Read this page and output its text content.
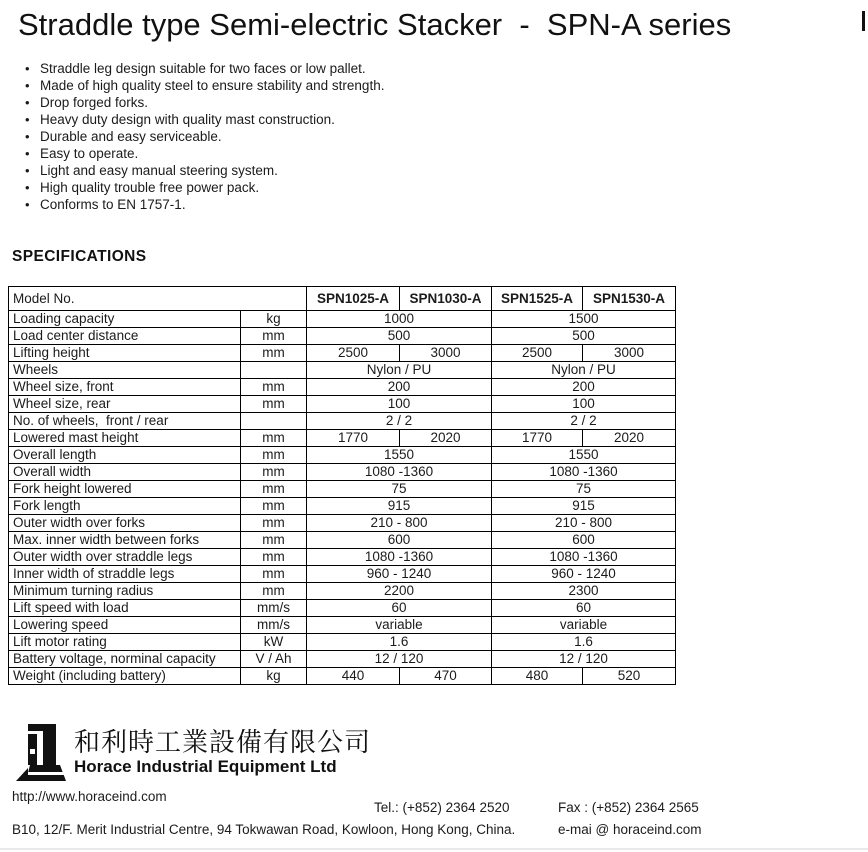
Straddle type Semi-electric Stacker  -  SPN-A series
• Straddle leg design suitable for two faces or low pallet.
• Made of high quality steel to ensure stability and strength.
• Drop forged forks.
• Heavy duty design with quality mast construction.
• Durable and easy serviceable.
• Easy to operate.
• Light and easy manual steering system.
• High quality trouble free power pack.
• Conforms to EN 1757-1.
SPECIFICATIONS
Model No.		SPN1025-A	SPN1030-A	SPN1525-A	SPN1530-A
Loading capacity	kg	1000		1500	
Load center distance	mm	500		500	
Lifting height	mm	2500	3000	2500	3000
Wheels		Nylon / PU		Nylon / PU	
Wheel size, front	mm	200		200	
Wheel size, rear	mm	100		100	
No. of wheels,  front / rear		2 / 2		2 / 2	
Lowered mast height	mm	1770	2020	1770	2020
Overall length	mm	1550		1550	
Overall width	mm	1080 -1360		1080 -1360	
Fork height lowered	mm	75		75	
Fork length	mm	915		915	
Outer width over forks	mm	210 - 800		210 - 800	
Max. inner width between forks	mm	600		600	
Outer width over straddle legs	mm	1080 -1360		1080 -1360	
Inner width of straddle legs	mm	960 - 1240		960 - 1240	
Minimum turning radius	mm	2200		2300	
Lift speed with load	mm/s	60		60	
Lowering speed	mm/s	variable		variable	
Lift motor rating	kW	1.6		1.6	
Battery voltage, norminal capacity	V / Ah	12 / 120		12 / 120	
Weight (including battery)	kg	440	470	480	520
和利時工業設備有限公司
Horace Industrial Equipment Ltd
http://www.horaceind.com
Tel.: (+852) 2364 2520	Fax : (+852) 2364 2565
B10, 12/F. Merit Industrial Centre, 94 Tokwawan Road, Kowloon, Hong Kong, China.	e-mai @ horaceind.com
